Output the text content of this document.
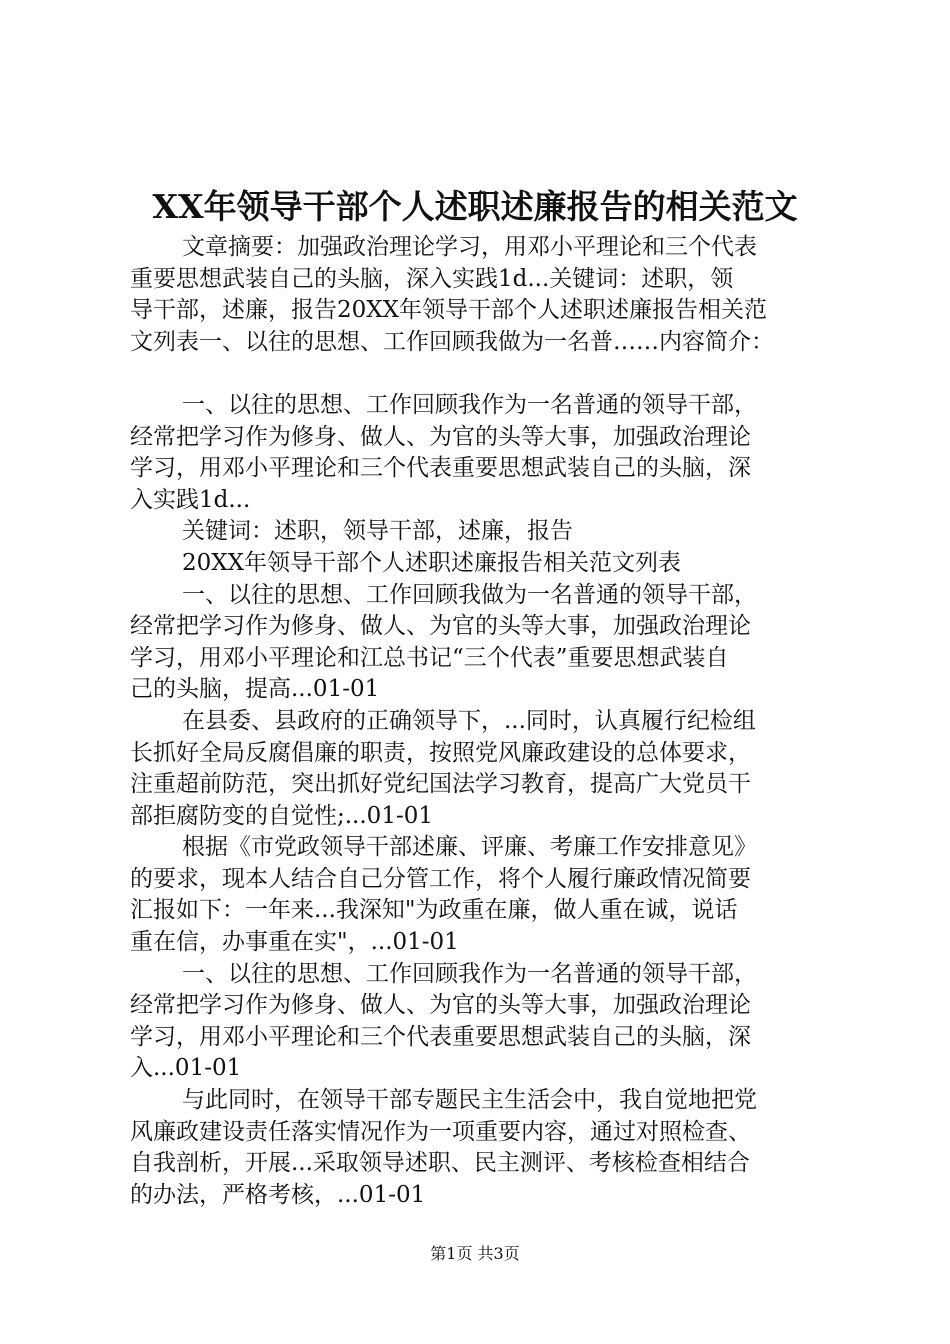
XX年领导干部个人述职述廉报告的相关范文
文章摘要：加强政治理论学习，用邓小平理论和三个代表
重要思想武装自己的头脑，深入实践1d...关键词：述职，领
导干部，述廉，报告20XX年领导干部个人述职述廉报告相关范
文列表一、以往的思想、工作回顾我做为一名普……内容简介：
一、以往的思想、工作回顾我作为一名普通的领导干部，
经常把学习作为修身、做人、为官的头等大事，加强政治理论
学习，用邓小平理论和三个代表重要思想武装自己的头脑，深
入实践1d...
关键词：述职，领导干部，述廉，报告
20XX年领导干部个人述职述廉报告相关范文列表
一、以往的思想、工作回顾我做为一名普通的领导干部，
经常把学习作为修身、做人、为官的头等大事，加强政治理论
学习，用邓小平理论和江总书记“三个代表”重要思想武装自
己的头脑，提高...01-01
在县委、县政府的正确领导下，...同时，认真履行纪检组
长抓好全局反腐倡廉的职责，按照党风廉政建设的总体要求，
注重超前防范，突出抓好党纪国法学习教育，提高广大党员干
部拒腐防变的自觉性;...01-01
根据《市党政领导干部述廉、评廉、考廉工作安排意见》
的要求，现本人结合自己分管工作，将个人履行廉政情况简要
汇报如下：一年来...我深知"为政重在廉，做人重在诚，说话
重在信，办事重在实"，...01-01
一、以往的思想、工作回顾我作为一名普通的领导干部，
经常把学习作为修身、做人、为官的头等大事，加强政治理论
学习，用邓小平理论和三个代表重要思想武装自己的头脑，深
入...01-01
与此同时，在领导干部专题民主生活会中，我自觉地把党
风廉政建设责任落实情况作为一项重要内容，通过对照检查、
自我剖析，开展...采取领导述职、民主测评、考核检查相结合
的办法，严格考核，...01-01
第1页 共3页
